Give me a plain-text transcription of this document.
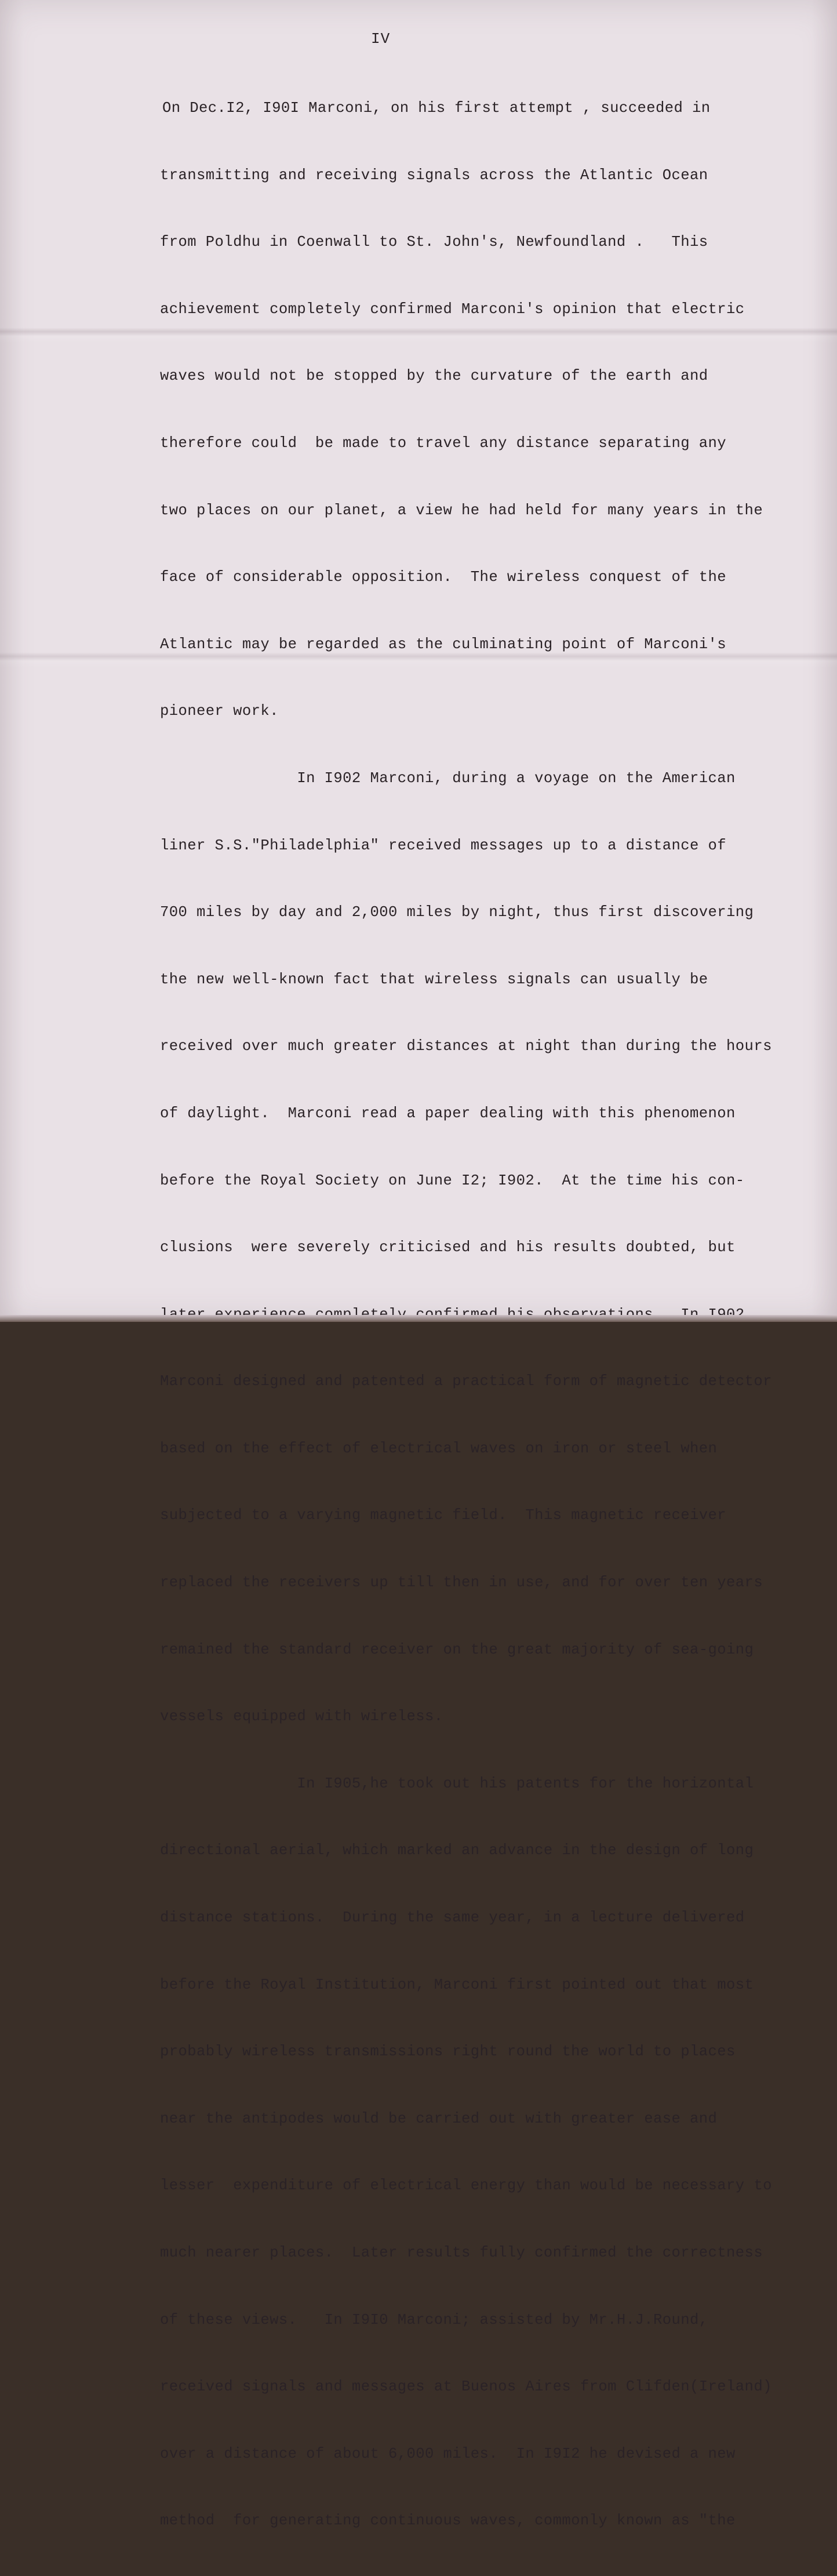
IV

On Dec.I2, I90I Marconi, on his first attempt , succeeded in

transmitting and receiving signals across the Atlantic Ocean

from Poldhu in Coenwall to St. John's, Newfoundland .   This

achievement completely confirmed Marconi's opinion that electric

waves would not be stopped by the curvature of the earth and

therefore could  be made to travel any distance separating any

two places on our planet, a view he had held for many years in the

face of considerable opposition.  The wireless conquest of the

Atlantic may be regarded as the culminating point of Marconi's

pioneer work.

In I902 Marconi, during a voyage on the American

liner S.S."Philadelphia" received messages up to a distance of

700 miles by day and 2,000 miles by night, thus first discovering

the new well-known fact that wireless signals can usually be

received over much greater distances at night than during the hours

of daylight.  Marconi read a paper dealing with this phenomenon

before the Royal Society on June I2; I902.  At the time his con-

clusions  were severely criticised and his results doubted, but

Marconi designed and patented a practical form of magnetic detector

based on the effect of electrical waves on iron or steel when

subjected to a varying magnetic field.  This magnetic receiver

replaced the receivers up till then in use, and for over ten years

remained the standard receiver on the great majority of sea-going

vessels equipped with wireless.

In I905,he took out his patents for the horizontal

directional aerial, which marked an advance in the design of long

distance stations.  During the same year, in a lecture delivered

before the Royal Institution, Marconi first pointed out that most

probably wireless transmissions right round the world to places

near the antipodes would be carried out with greater ease and

lesser  expenditure of electrical energy than would be necessary to

much nearer places.  Later results fully confirmed the correctness

of these views.   In I9I0 Marconi; assisted by Mr.H.J.Round,

received signals and messages at Buenos Aires from Clifden(Ireland)

over a distance of about 6,000 miles.  In I9I2 he devised a new

method  for generating continuous waves, commonly known as "the
